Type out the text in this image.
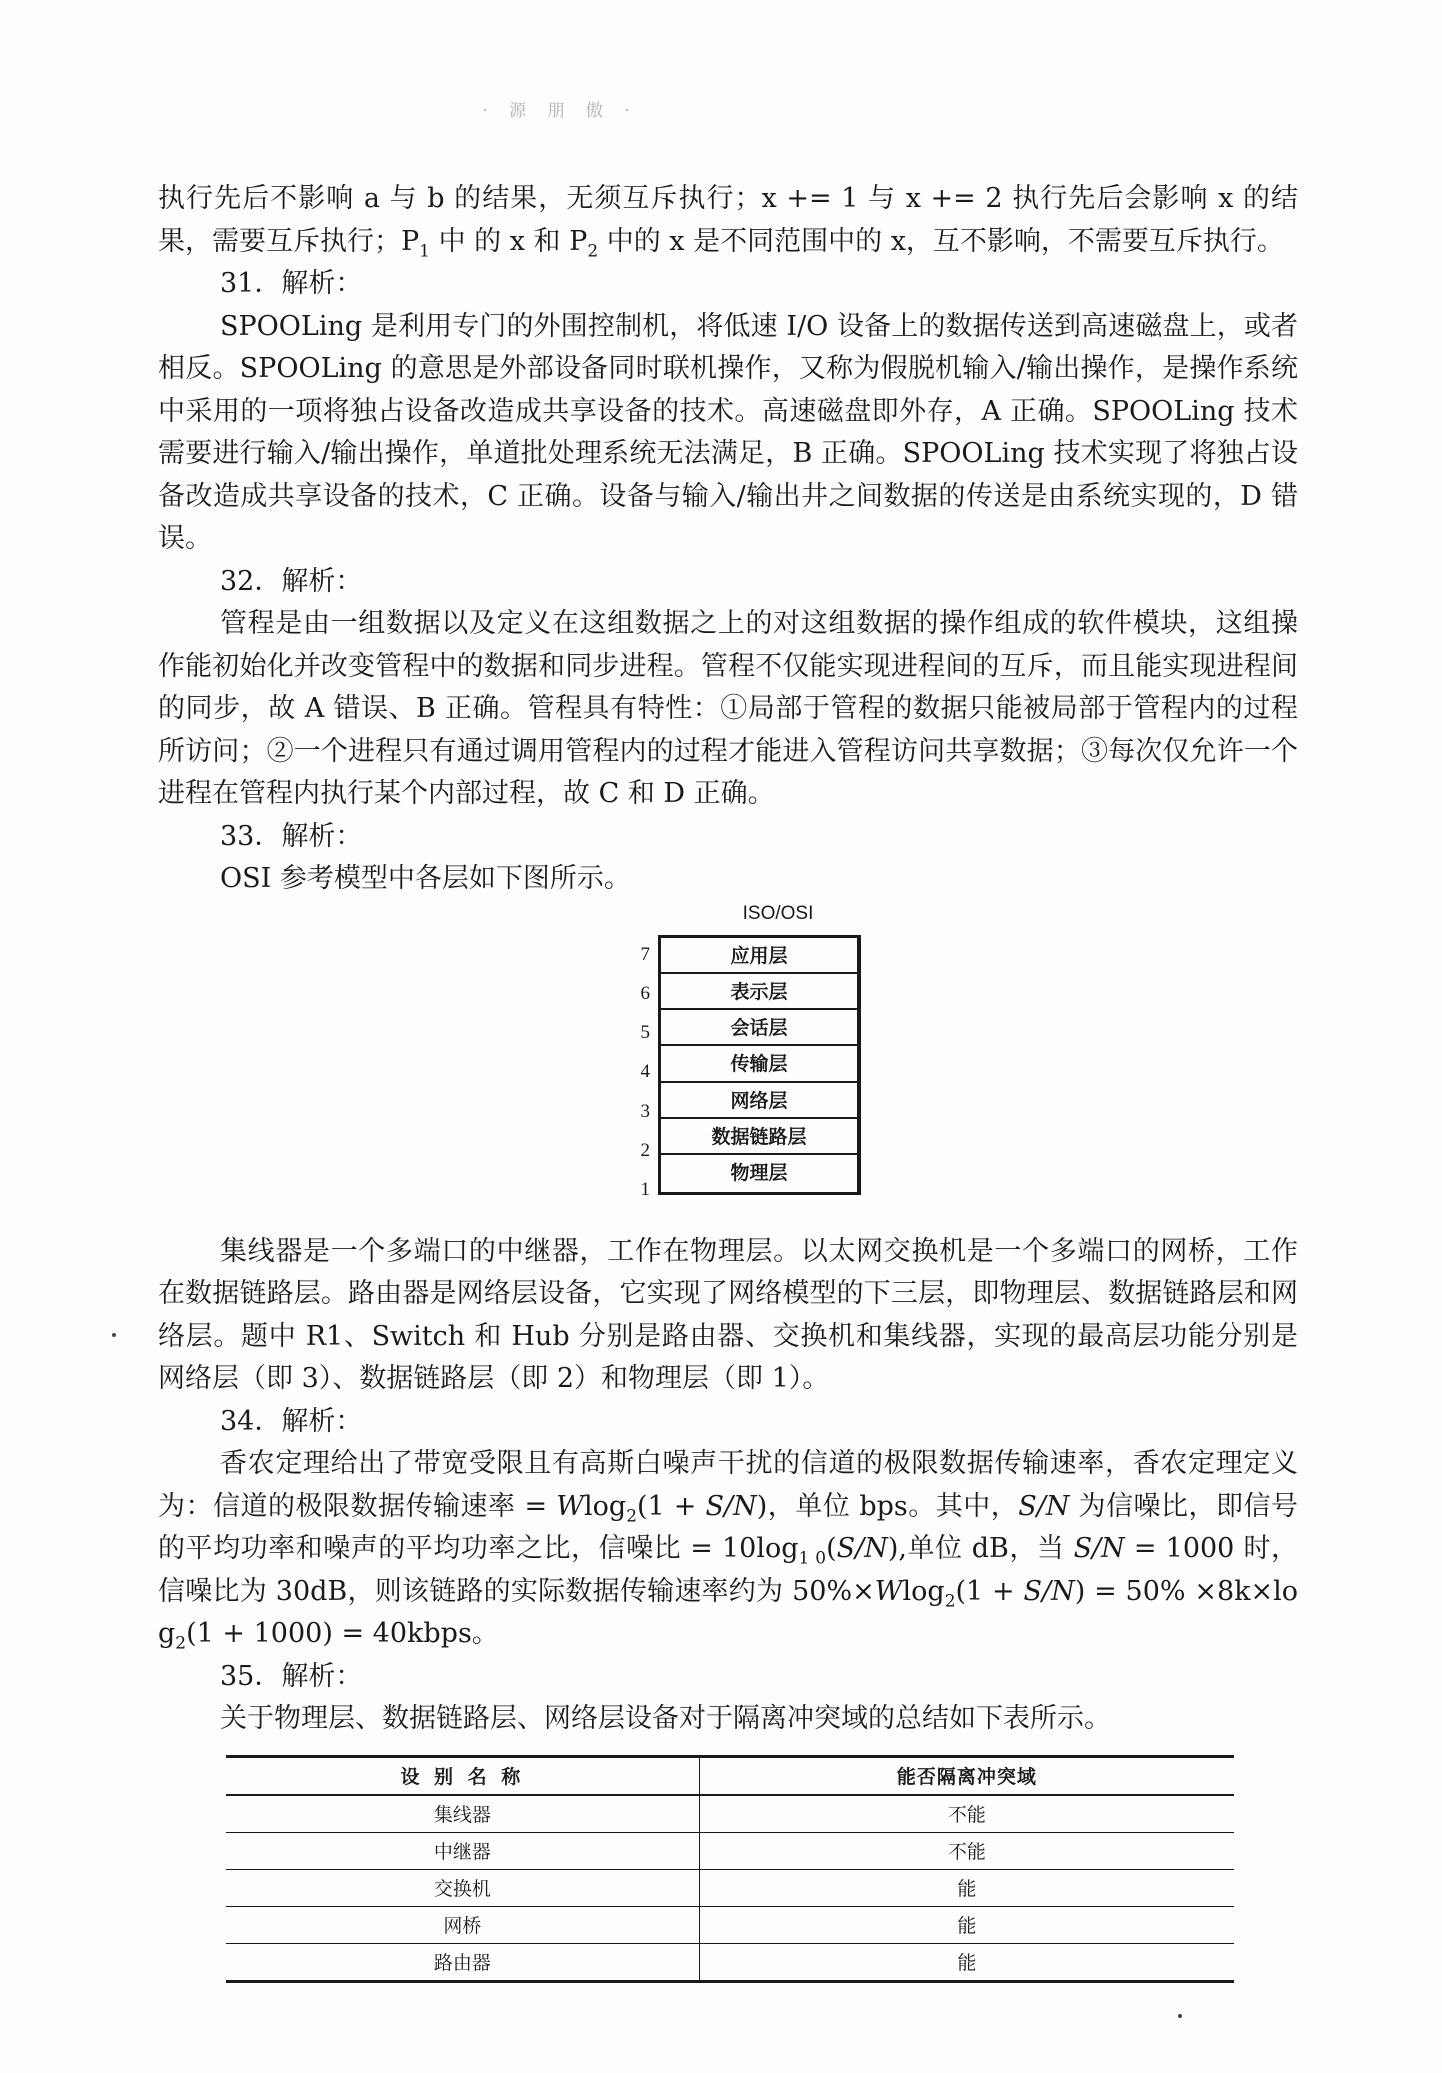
· 源 朋 傲 ·

执行先后不影响 a 与 b 的结果，无须互斥执行；x += 1 与 x += 2 执行先后会影响 x 的结果，需要互斥执行；$P_1$ 中 的 x 和 $P_2$ 中的 x 是不同范围中的 x，互不影响，不需要互斥执行。

31．解析：

SPOOLing 是利用专门的外围控制机，将低速 I/O 设备上的数据传送到高速磁盘上，或者相反。SPOOLing 的意思是外部设备同时联机操作，又称为假脱机输入/输出操作，是操作系统中采用的一项将独占设备改造成共享设备的技术。高速磁盘即外存，A 正确。SPOOLing 技术需要进行输入/输出操作，单道批处理系统无法满足，B 正确。SPOOLing 技术实现了将独占设备改造成共享设备的技术，C 正确。设备与输入/输出井之间数据的传送是由系统实现的，D 错误。

32．解析：

管程是由一组数据以及定义在这组数据之上的对这组数据的操作组成的软件模块，这组操作能初始化并改变管程中的数据和同步进程。管程不仅能实现进程间的互斥，而且能实现进程间的同步，故 A 错误、B 正确。管程具有特性：①局部于管程的数据只能被局部于管程内的过程所访问；②一个进程只有通过调用管程内的过程才能进入管程访问共享数据；③每次仅允许一个进程在管程内执行某个内部过程，故 C 和 D 正确。

33．解析：

OSI 参考模型中各层如下图所示。

ISO/OSI
7
6
5
4
3
2
1
应用层
表示层
会话层
传输层
网络层
数据链路层
物理层

集线器是一个多端口的中继器，工作在物理层。以太网交换机是一个多端口的网桥，工作在数据链路层。路由器是网络层设备，它实现了网络模型的下三层，即物理层、数据链路层和网络层。题中 R1、Switch 和 Hub 分别是路由器、交换机和集线器，实现的最高层功能分别是网络层（即 3）、数据链路层（即 2）和物理层（即 1）。

34．解析：

香农定理给出了带宽受限且有高斯白噪声干扰的信道的极限数据传输速率，香农定理定义为：信道的极限数据传输速率 = Wlog$_2$(1 + S/N)，单位 bps。其中，S/N 为信噪比，即信号的平均功率和噪声的平均功率之比，信噪比 = $10\log_{1 0}(S/N)$,单位 dB，当 S/N = 1000 时，信噪比为 30dB，则该链路的实际数据传输速率约为 $50\%\times Wlog_2(1 + S/N) = 50\% \times 8k\times\log_2(1 + 1000)$ = 40kbps。

35．解析：

关于物理层、数据链路层、网络层设备对于隔离冲突域的总结如下表所示。

设 别 名 称	能否隔离冲突域
集线器	不能
中继器	不能
交换机	能
网桥	能
路由器	能
